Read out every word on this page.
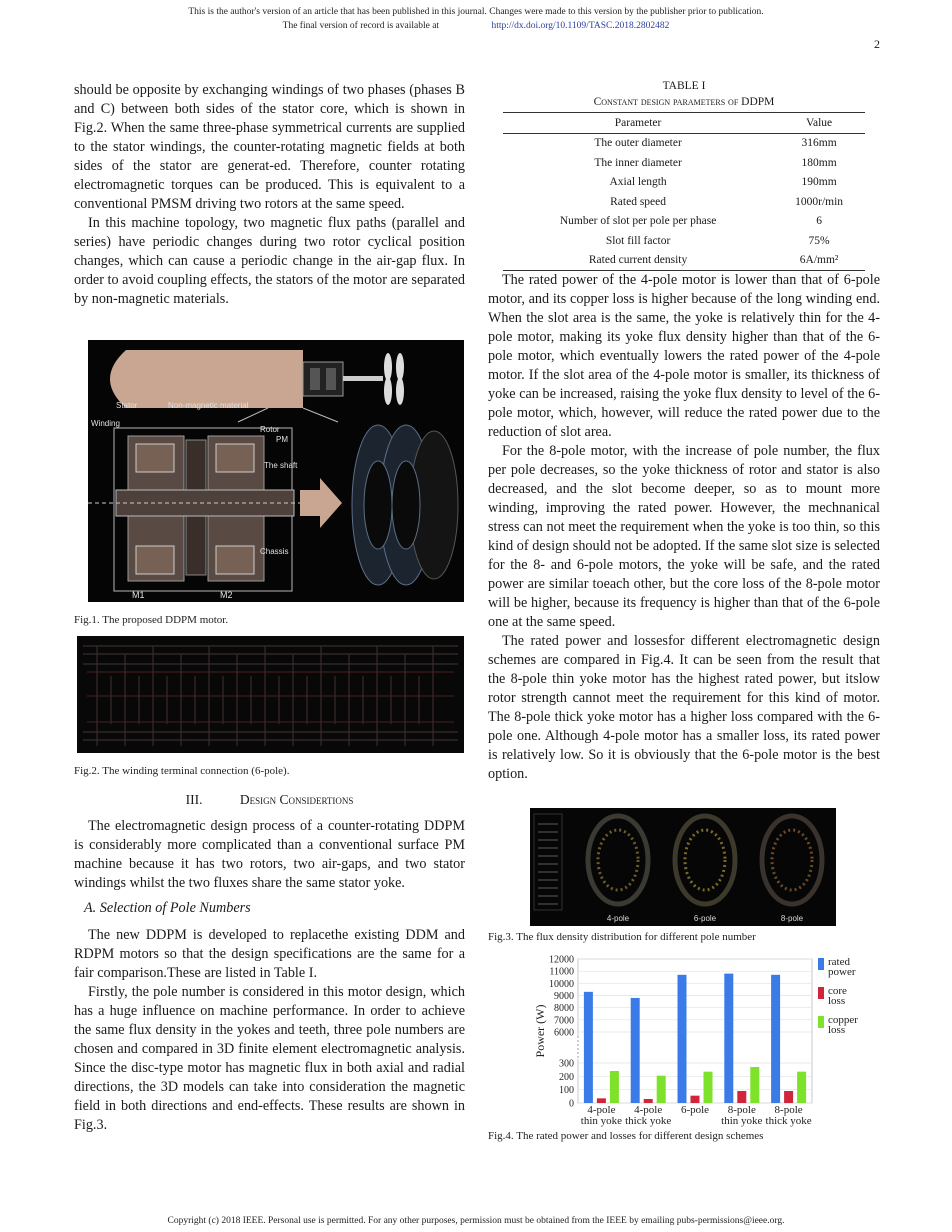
This is the author's version of an article that has been published in this journal. Changes were made to this version by the publisher prior to publication.
The final version of record is available at	http://dx.doi.org/10.1109/TASC.2018.2802482
2

should be opposite by exchanging windings of two phases (phases B and C) between both sides of the stator core, which is shown in Fig.2. When the same three-phase symmetrical currents are supplied to the stator windings, the counter-rotating magnetic fields at both sides of the stator are generat-ed. Therefore, counter rotating electromagnetic torques can be produced. This is equivalent to a conventional PMSM driving two rotors at the same speed.

In this machine topology, two magnetic flux paths (parallel and series) have periodic changes during two rotor cyclical position changes, which can cause a periodic change in the air-gap flux. In order to avoid coupling effects, the stators of the motor are separated by non-magnetic materials.

Stator	Non-magnetic material
Winding
Rotor
PM
The shaft
Chassis
M1	M2
Fig.1. The proposed DDPM motor.
Fig.2. The winding terminal connection (6-pole).
III.	Design Considertions

The electromagnetic design process of a counter-rotating DDPM is considerably more complicated than a conventional surface PM machine because it has two rotors, two air-gaps, and two stator windings whilst the two fluxes share the same stator yoke.

A. Selection of Pole Numbers

The new DDPM is developed to replacethe existing DDM and RDPM motors so that the design specifications are the same for a fair comparison.These are listed in Table I.

Firstly, the pole number is considered in this motor design, which has a huge influence on machine performance. In order to achieve the same flux density in the yokes and teeth, three pole numbers are chosen and compared in 3D finite element electromagnetic analysis. Since the disc-type motor has magnetic flux in both axial and radial directions, the 3D models can take into consideration the magnetic field in both directions and end-effects. These results are shown in Fig.3.

TABLE I
Constant design parameters of DDPM
Parameter	Value
The outer diameter	316mm
The inner diameter	180mm
Axial length	190mm
Rated speed	1000r/min
Number of slot per pole per phase	6
Slot fill factor	75%
Rated current density	6A/mm²

The rated power of the 4-pole motor is lower than that of 6-pole motor, and its copper loss is higher because of the long winding end. When the slot area is the same, the yoke is relatively thin for the 4-pole motor, making its yoke flux density higher than that of the 6-pole motor, which eventually lowers the rated power of the 4-pole motor. If the slot area of the 4-pole motor is smaller, its thickness of yoke can be increased, raising the yoke flux density to level of the 6-pole motor, which, however, will reduce the rated power due to the reduction of slot area.

For the 8-pole motor, with the increase of pole number, the flux per pole decreases, so the yoke thickness of rotor and stator is also decreased, and the slot become deeper, so as to mount more winding, improving the rated power. However, the mechnanical stress can not meet the requirement when the yoke is too thin, so this kind of design should not be adopted. If the same slot size is selected for the 8- and 6-pole motors, the yoke will be safe, and the rated power are similar toeach other, but the core loss of the 8-pole motor will be higher, because its frequency is higher than that of the 6-pole one at the same speed.

The rated power and lossesfor different electromagnetic design schemes are compared in Fig.4. It can be seen from the result that the 8-pole thin yoke motor has the highest rated power, but itslow rotor strength cannot meet the requirement for this kind of motor. The 8-pole thick yoke motor has a higher loss compared with the 6-pole one. Although 4-pole motor has a smaller loss, its rated power is relatively low. So it is obviously that the 6-pole motor is the best option.

4-pole	6-pole	8-pole
Fig.3. The flux density distribution for different pole number
0
100
200
300
6000
7000
8000
9000
10000
11000
12000
Power (W)
4-pole
thin yoke
4-pole
thick yoke
6-pole 8-pole
thin yoke
8-pole
thick yoke
rated
power
core
loss
copper
loss
Fig.4. The rated power and losses for different design schemes
Copyright (c) 2018 IEEE. Personal use is permitted. For any other purposes, permission must be obtained from the IEEE by emailing pubs-permissions@ieee.org.
